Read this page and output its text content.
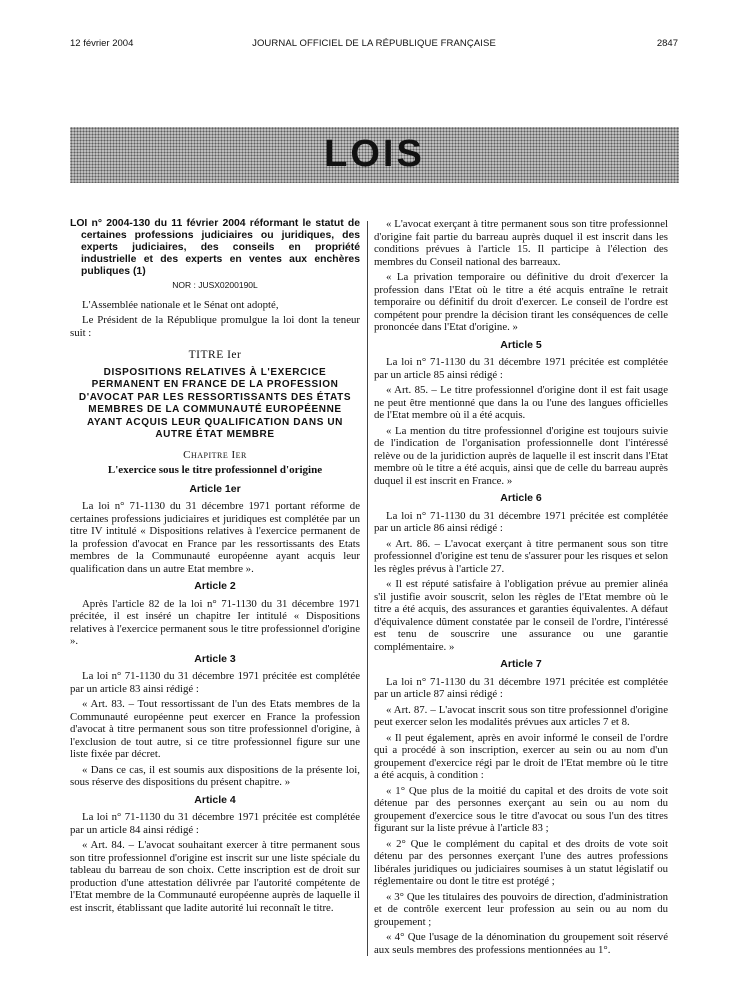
12 février 2004	JOURNAL OFFICIEL DE LA RÉPUBLIQUE FRANÇAISE	2847
LOIS

LOI n° 2004-130 du 11 février 2004 réformant le statut de certaines professions judiciaires ou juridiques, des experts judiciaires, des conseils en propriété industrielle et des experts en ventes aux enchères publiques (1)

NOR : JUSX0200190L

L'Assemblée nationale et le Sénat ont adopté,

Le Président de la République promulgue la loi dont la teneur suit :

TITRE Ier

DISPOSITIONS RELATIVES À L'EXERCICE PERMANENT EN FRANCE DE LA PROFESSION D'AVOCAT PAR LES RESSORTISSANTS DES ÉTATS MEMBRES DE LA COMMUNAUTÉ EUROPÉENNE AYANT ACQUIS LEUR QUALIFICATION DANS UN AUTRE ÉTAT MEMBRE

Chapitre Ier

L'exercice sous le titre professionnel d'origine

Article 1er

La loi n° 71-1130 du 31 décembre 1971 portant réforme de certaines professions judiciaires et juridiques est complétée par un titre IV intitulé « Dispositions relatives à l'exercice permanent de la profession d'avocat en France par les ressortissants des Etats membres de la Communauté européenne ayant acquis leur qualification dans un autre Etat membre ».

Article 2

Après l'article 82 de la loi n° 71-1130 du 31 décembre 1971 précitée, il est inséré un chapitre Ier intitulé « Dispositions relatives à l'exercice permanent sous le titre professionnel d'origine ».

Article 3

La loi n° 71-1130 du 31 décembre 1971 précitée est complétée par un article 83 ainsi rédigé :

« Art. 83. – Tout ressortissant de l'un des Etats membres de la Communauté européenne peut exercer en France la profession d'avocat à titre permanent sous son titre professionnel d'origine, à l'exclusion de tout autre, si ce titre professionnel figure sur une liste fixée par décret.

« Dans ce cas, il est soumis aux dispositions de la présente loi, sous réserve des dispositions du présent chapitre. »

Article 4

La loi n° 71-1130 du 31 décembre 1971 précitée est complétée par un article 84 ainsi rédigé :

« Art. 84. – L'avocat souhaitant exercer à titre permanent sous son titre professionnel d'origine est inscrit sur une liste spéciale du tableau du barreau de son choix. Cette inscription est de droit sur production d'une attestation délivrée par l'autorité compétente de l'Etat membre de la Communauté européenne auprès de laquelle il est inscrit, établissant que ladite autorité lui reconnaît le titre.

« L'avocat exerçant à titre permanent sous son titre professionnel d'origine fait partie du barreau auprès duquel il est inscrit dans les conditions prévues à l'article 15. Il participe à l'élection des membres du Conseil national des barreaux.

« La privation temporaire ou définitive du droit d'exercer la profession dans l'Etat où le titre a été acquis entraîne le retrait temporaire ou définitif du droit d'exercer. Le conseil de l'ordre est compétent pour prendre la décision tirant les conséquences de celle prononcée dans l'Etat d'origine. »

Article 5

La loi n° 71-1130 du 31 décembre 1971 précitée est complétée par un article 85 ainsi rédigé :

« Art. 85. – Le titre professionnel d'origine dont il est fait usage ne peut être mentionné que dans la ou l'une des langues officielles de l'Etat membre où il a été acquis.

« La mention du titre professionnel d'origine est toujours suivie de l'indication de l'organisation professionnelle dont l'intéressé relève ou de la juridiction auprès de laquelle il est inscrit dans l'Etat membre où le titre a été acquis, ainsi que de celle du barreau auprès duquel il est inscrit en France. »

Article 6

La loi n° 71-1130 du 31 décembre 1971 précitée est complétée par un article 86 ainsi rédigé :

« Art. 86. – L'avocat exerçant à titre permanent sous son titre professionnel d'origine est tenu de s'assurer pour les risques et selon les règles prévus à l'article 27.

« Il est réputé satisfaire à l'obligation prévue au premier alinéa s'il justifie avoir souscrit, selon les règles de l'Etat membre où le titre a été acquis, des assurances et garanties équivalentes. A défaut d'équivalence dûment constatée par le conseil de l'ordre, l'intéressé est tenu de souscrire une assurance ou une garantie complémentaire. »

Article 7

La loi n° 71-1130 du 31 décembre 1971 précitée est complétée par un article 87 ainsi rédigé :

« Art. 87. – L'avocat inscrit sous son titre professionnel d'origine peut exercer selon les modalités prévues aux articles 7 et 8.

« Il peut également, après en avoir informé le conseil de l'ordre qui a procédé à son inscription, exercer au sein ou au nom d'un groupement d'exercice régi par le droit de l'Etat membre où le titre a été acquis, à condition :

« 1° Que plus de la moitié du capital et des droits de vote soit détenue par des personnes exerçant au sein ou au nom du groupement d'exercice sous le titre d'avocat ou sous l'un des titres figurant sur la liste prévue à l'article 83 ;

« 2° Que le complément du capital et des droits de vote soit détenu par des personnes exerçant l'une des autres professions libérales juridiques ou judiciaires soumises à un statut législatif ou réglementaire ou dont le titre est protégé ;

« 3° Que les titulaires des pouvoirs de direction, d'administration et de contrôle exercent leur profession au sein ou au nom du groupement ;

« 4° Que l'usage de la dénomination du groupement soit réservé aux seuls membres des professions mentionnées au 1°.
